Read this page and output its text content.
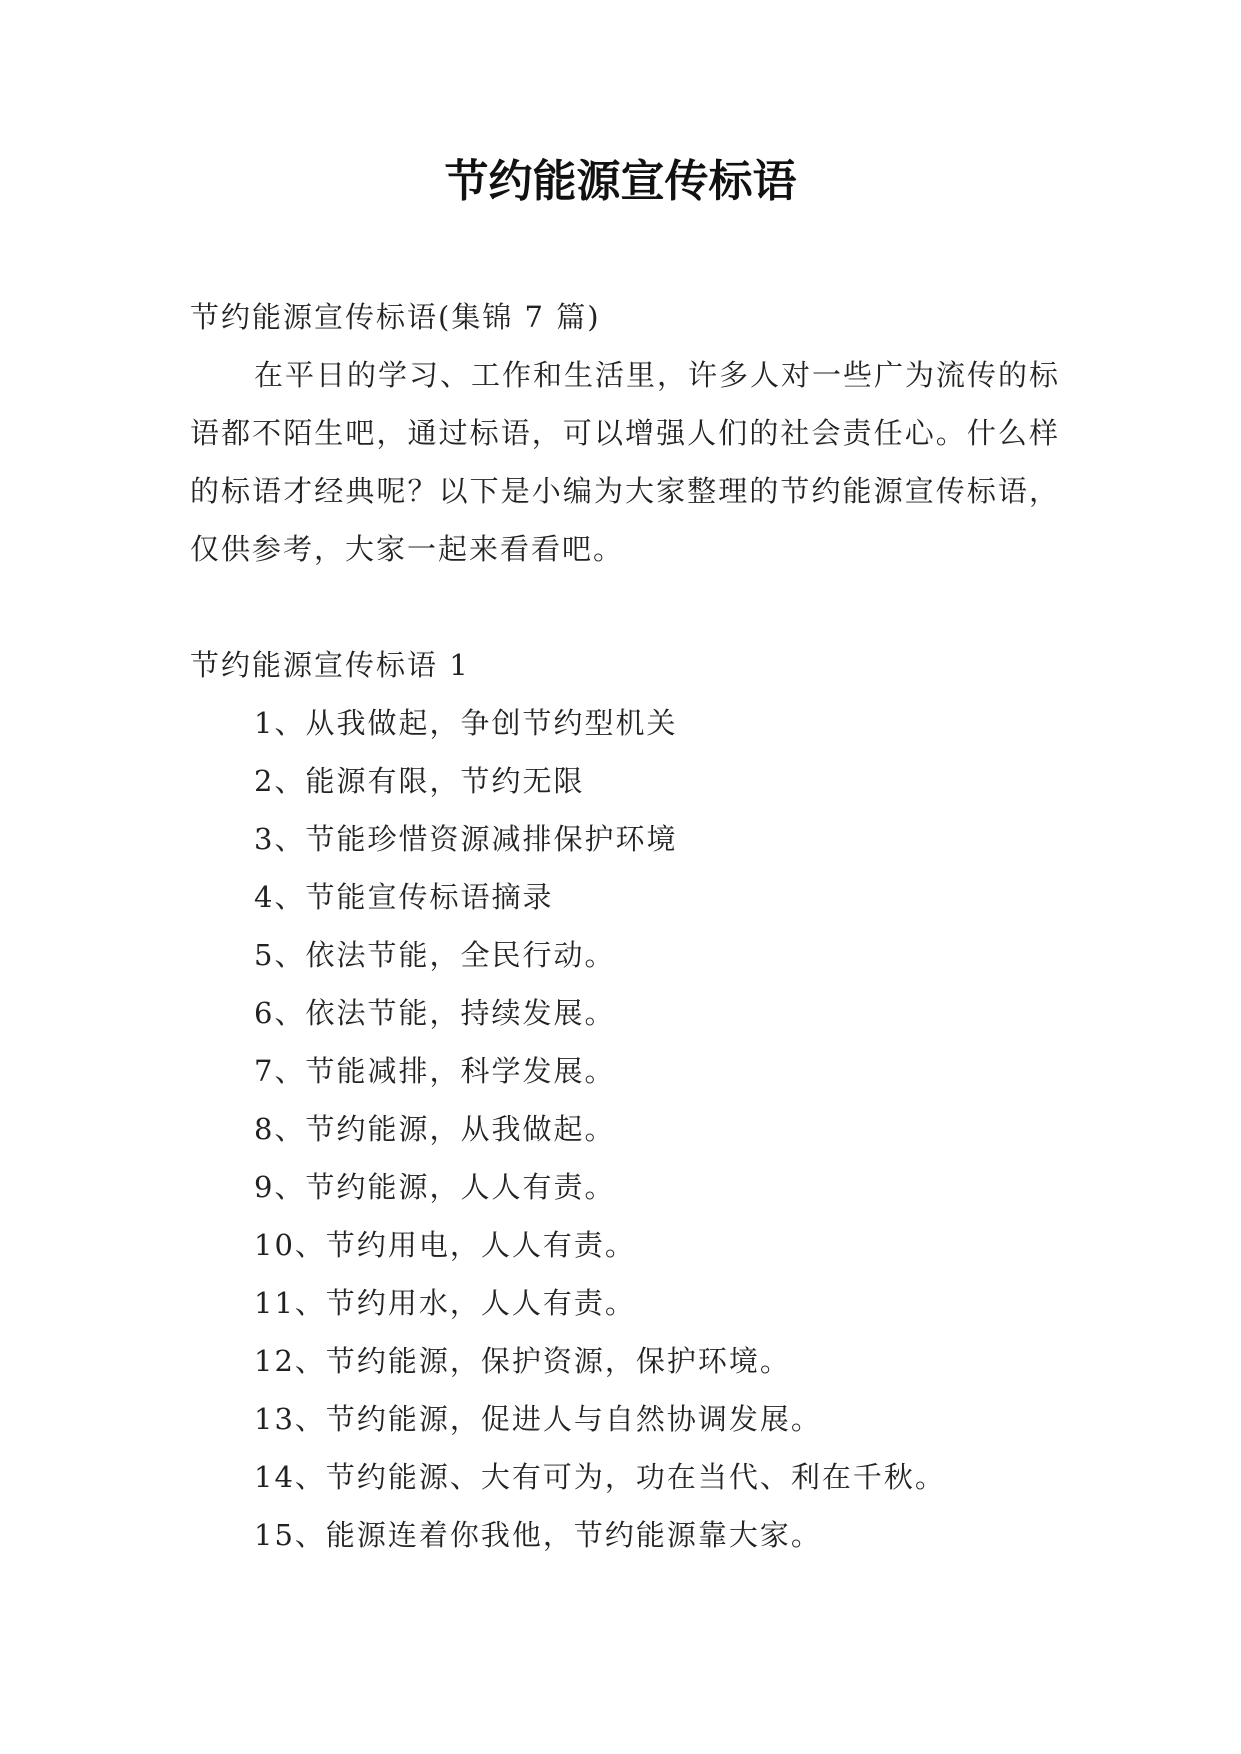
节约能源宣传标语

节约能源宣传标语(集锦 7 篇)

在平日的学习、工作和生活里，许多人对一些广为流传的标语都不陌生吧，通过标语，可以增强人们的社会责任心。什么样的标语才经典呢？以下是小编为大家整理的节约能源宣传标语，仅供参考，大家一起来看看吧。

节约能源宣传标语 1

1、从我做起，争创节约型机关
2、能源有限，节约无限
3、节能珍惜资源减排保护环境
4、节能宣传标语摘录
5、依法节能，全民行动。
6、依法节能，持续发展。
7、节能减排，科学发展。
8、节约能源，从我做起。
9、节约能源，人人有责。
10、节约用电，人人有责。
11、节约用水，人人有责。
12、节约能源，保护资源，保护环境。
13、节约能源，促进人与自然协调发展。
14、节约能源、大有可为，功在当代、利在千秋。
15、能源连着你我他，节约能源靠大家。
